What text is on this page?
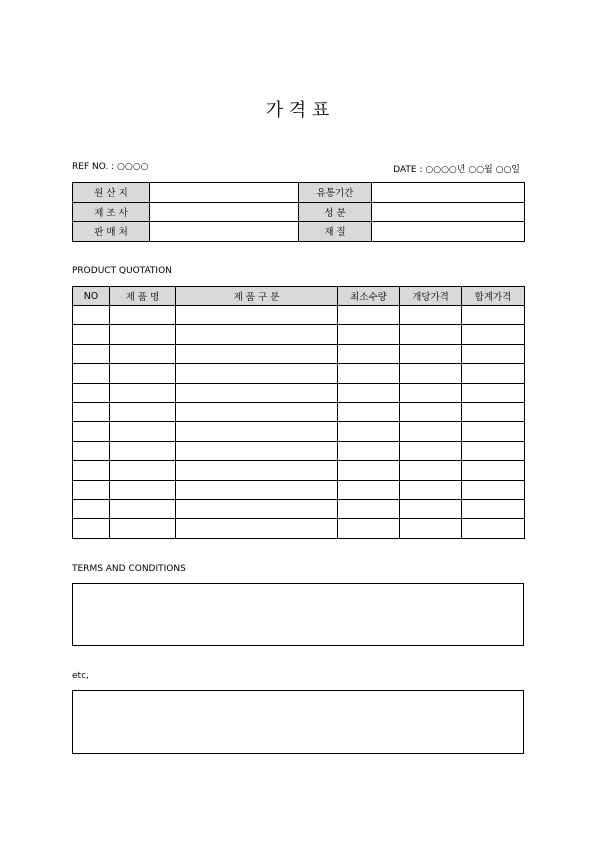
가 격 표
REF NO. : ○○○○	DATE : ○○○○년 ○○월 ○○일
원 산 지		유통기간	
제 조 사		성 분	
판 매 처		재 질	
PRODUCT QUOTATION
NO	제 품 명	제 품 구 분	최소수량	개당가격	합계가격

TERMS AND CONDITIONS
etc,
